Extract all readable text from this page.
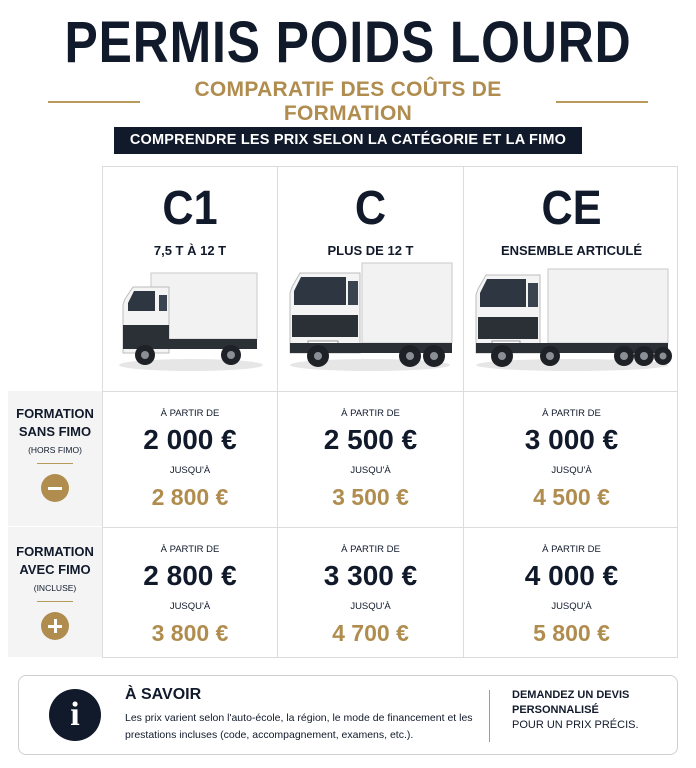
PERMIS POIDS LOURD
COMPARATIF DES COÛTS DE FORMATION
COMPRENDRE LES PRIX SELON LA CATÉGORIE ET LA FIMO
C1
7,5 T À 12 T
C
PLUS DE 12 T
CE
ENSEMBLE ARTICULÉ
À PARTIR DE
2 000 €
JUSQU'À
2 800 €
À PARTIR DE
2 500 €
JUSQU'À
3 500 €
À PARTIR DE
3 000 €
JUSQU'À
4 500 €
À PARTIR DE
2 800 €
JUSQU'À
3 800 €
À PARTIR DE
3 300 €
JUSQU'À
4 700 €
À PARTIR DE
4 000 €
JUSQU'À
5 800 €
FORMATION
SANS FIMO
(HORS FIMO)
FORMATION
AVEC FIMO
(INCLUSE)
i
À SAVOIR
Les prix varient selon l'auto-école, la région, le mode de financement et les prestations incluses (code, accompagnement, examens, etc.).
DEMANDEZ UN DEVIS
PERSONNALISÉ
POUR UN PRIX PRÉCIS.
